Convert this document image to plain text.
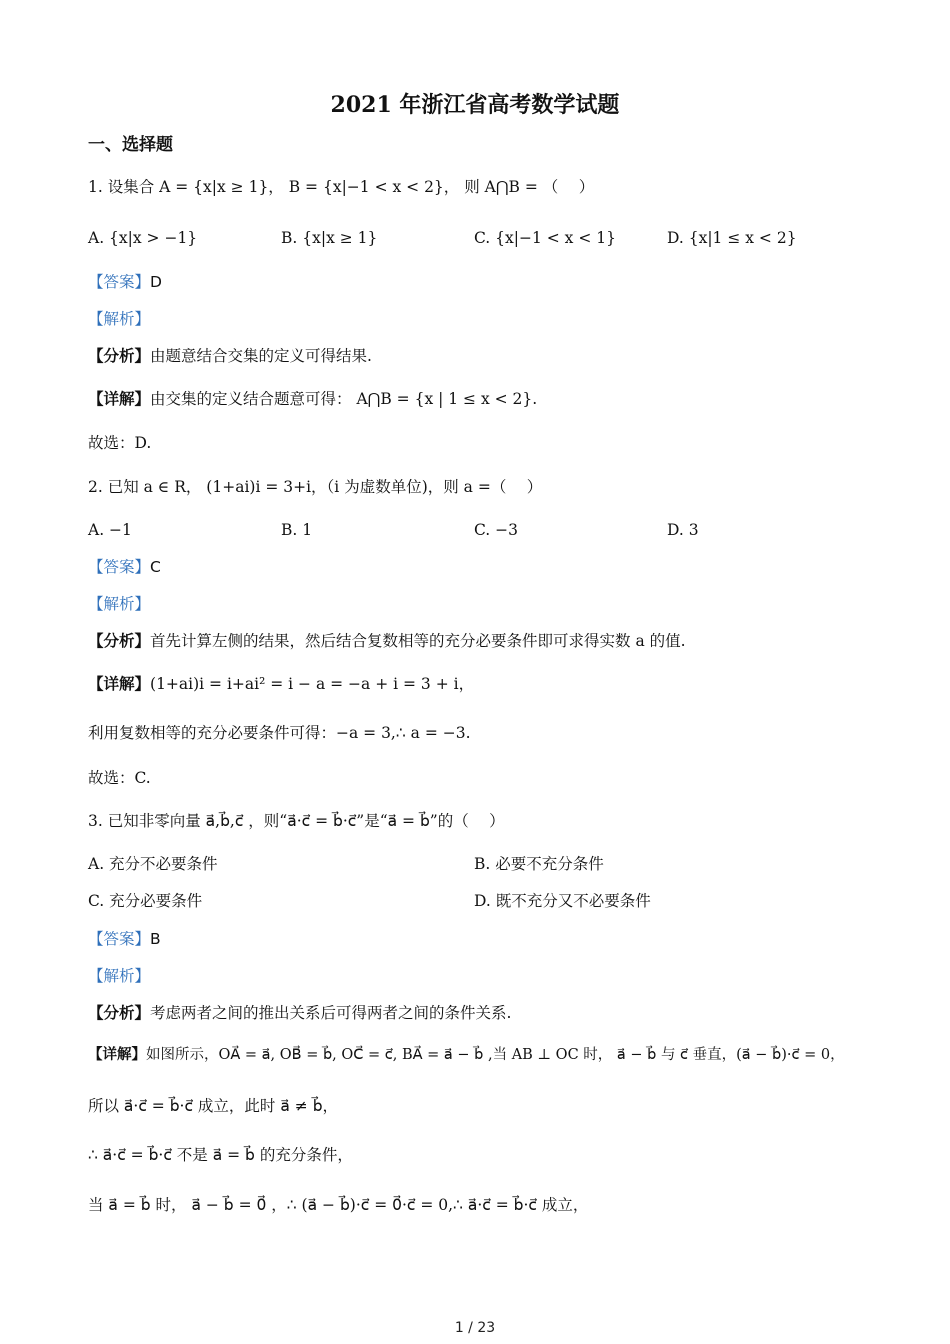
2021 年浙江省高考数学试题
一、选择题
1. 设集合 A = {x|x ≥ 1}， B = {x|−1 < x < 2}， 则 A⋂B = （　 ）
A. {x|x > −1}	B. {x|x ≥ 1}	C. {x|−1 < x < 1}	D. {x|1 ≤ x < 2}
【答案】D
【解析】
【分析】由题意结合交集的定义可得结果.
【详解】由交集的定义结合题意可得： A⋂B = {x | 1 ≤ x < 2}.
故选：D.
2. 已知 a ∈ R， (1+ai)i = 3+i，（i 为虚数单位)，则 a =（　 ）
A. −1	B. 1	C. −3	D. 3
【答案】C
【解析】
【分析】首先计算左侧的结果，然后结合复数相等的充分必要条件即可求得实数 a 的值.
【详解】(1+ai)i = i+ai² = i − a = −a + i = 3 + i，
利用复数相等的充分必要条件可得：−a = 3,∴ a = −3.
故选：C.
3. 已知非零向量 a⃗,b⃗,c⃗ ，则“a⃗·c⃗ = b⃗·c⃗”是“a⃗ = b⃗”的（　 ）
A. 充分不必要条件	B. 必要不充分条件
C. 充分必要条件	D. 既不充分又不必要条件
【答案】B
【解析】
【分析】考虑两者之间的推出关系后可得两者之间的条件关系.
【详解】如图所示，OA⃗ = a⃗, OB⃗ = b⃗, OC⃗ = c⃗, BA⃗ = a⃗ − b⃗ ,当 AB ⊥ OC 时， a⃗ − b⃗ 与 c⃗ 垂直，(a⃗ − b⃗)·c⃗ = 0，
所以 a⃗·c⃗ = b⃗·c⃗ 成立，此时 a⃗ ≠ b⃗，
∴ a⃗·c⃗ = b⃗·c⃗ 不是 a⃗ = b⃗ 的充分条件，
当 a⃗ = b⃗ 时， a⃗ − b⃗ = 0⃗ ，∴ (a⃗ − b⃗)·c⃗ = 0⃗·c⃗ = 0,∴ a⃗·c⃗ = b⃗·c⃗ 成立，
1 / 23
